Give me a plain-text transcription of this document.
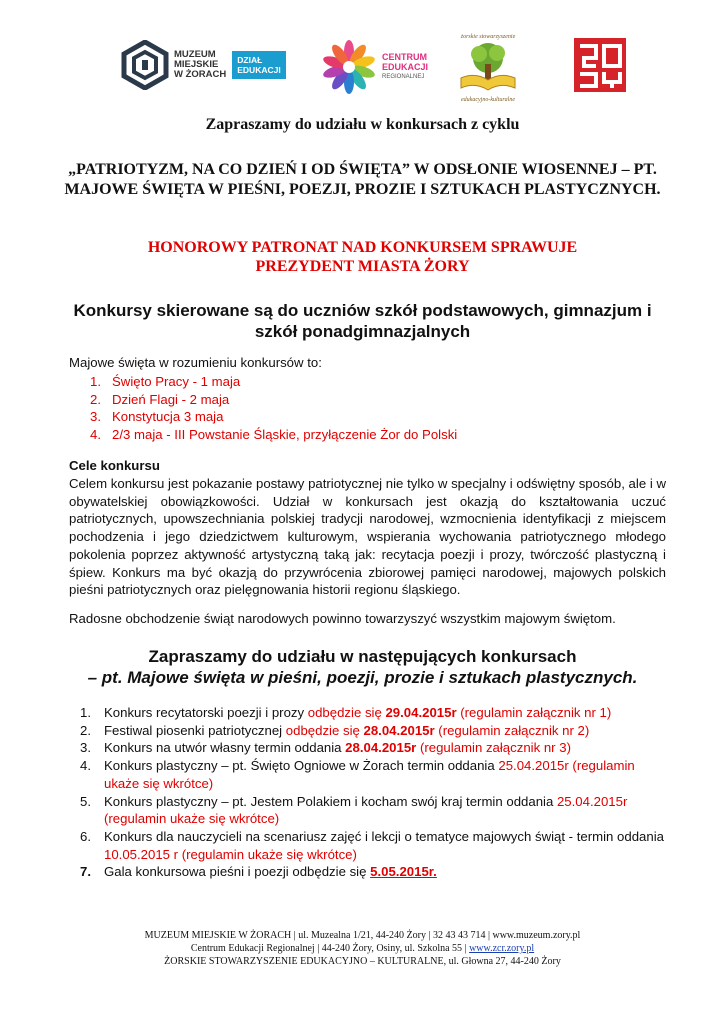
MUZEUM
MIEJSKIE
W ŻORACH
DZIAŁ
EDUKACJI
CENTRUM
EDUKACJI
REGIONALNEJ
żorskie stowarzyszenie
edukacyjno-kulturalne
Zapraszamy do udziału w konkursach z cyklu
„PATRIOTYZM, NA CO DZIEŃ I OD ŚWIĘTA” W ODSŁONIE WIOSENNEJ – PT. MAJOWE ŚWIĘTA W PIEŚNI, POEZJI, PROZIE I SZTUKACH PLASTYCZNYCH.
HONOROWY PATRONAT NAD KONKURSEM SPRAWUJE
PREZYDENT MIASTA ŻORY
Konkursy skierowane są do uczniów szkół podstawowych, gimnazjum i szkół ponadgimnazjalnych
Majowe święta w rozumieniu konkursów to:
1. Święto Pracy - 1 maja
2. Dzień Flagi - 2 maja
3. Konstytucja 3 maja
4. 2/3 maja - III Powstanie Śląskie, przyłączenie Żor do Polski
Cele konkursu

Celem konkursu jest pokazanie postawy patriotycznej nie tylko w specjalny i odświętny sposób, ale i w obywatelskiej obowiązkowości. Udział w konkursach jest okazją do kształtowania uczuć patriotycznych, upowszechniania polskiej tradycji narodowej, wzmocnienia identyfikacji z miejscem pochodzenia i jego dziedzictwem kulturowym, wspierania wychowania patriotycznego młodego pokolenia poprzez aktywność artystyczną taką jak: recytacja poezji i prozy, twórczość plastyczną i śpiew. Konkurs ma być okazją do przywrócenia zbiorowej pamięci narodowej, majowych polskich pieśni patriotycznych oraz pielęgnowania historii regionu śląskiego.

Radosne obchodzenie świąt narodowych powinno towarzyszyć wszystkim majowym świętom.
Zapraszamy do udziału w następujących konkursach
– pt. Majowe święta w pieśni, poezji, prozie i sztukach plastycznych.
1. Konkurs recytatorski poezji i prozy odbędzie się 29.04.2015r (regulamin załącznik nr 1)
2. Festiwal piosenki patriotycznej odbędzie się 28.04.2015r (regulamin załącznik nr 2)
3. Konkurs na utwór własny termin oddania 28.04.2015r (regulamin załącznik nr 3)
4. Konkurs plastyczny – pt. Święto Ogniowe w Żorach termin oddania 25.04.2015r (regulamin ukaże się wkrótce)
5. Konkurs plastyczny – pt. Jestem Polakiem i kocham swój kraj termin oddania 25.04.2015r (regulamin ukaże się wkrótce)
6. Konkurs dla nauczycieli na scenariusz zajęć i lekcji o tematyce majowych świąt - termin oddania 10.05.2015 r (regulamin ukaże się wkrótce)
7. Gala konkursowa pieśni i poezji odbędzie się 5.05.2015r.
MUZEUM MIEJSKIE W ŻORACH | ul. Muzealna 1/21, 44-240 Żory | 32 43 43 714 | www.muzeum.zory.pl
Centrum Edukacji Regionalnej | 44-240 Żory, Osiny, ul. Szkolna 55 | www.zcr.zory.pl
ŻORSKIE STOWARZYSZENIE EDUKACYJNO – KULTURALNE, ul. Głowna 27, 44-240 Żory
